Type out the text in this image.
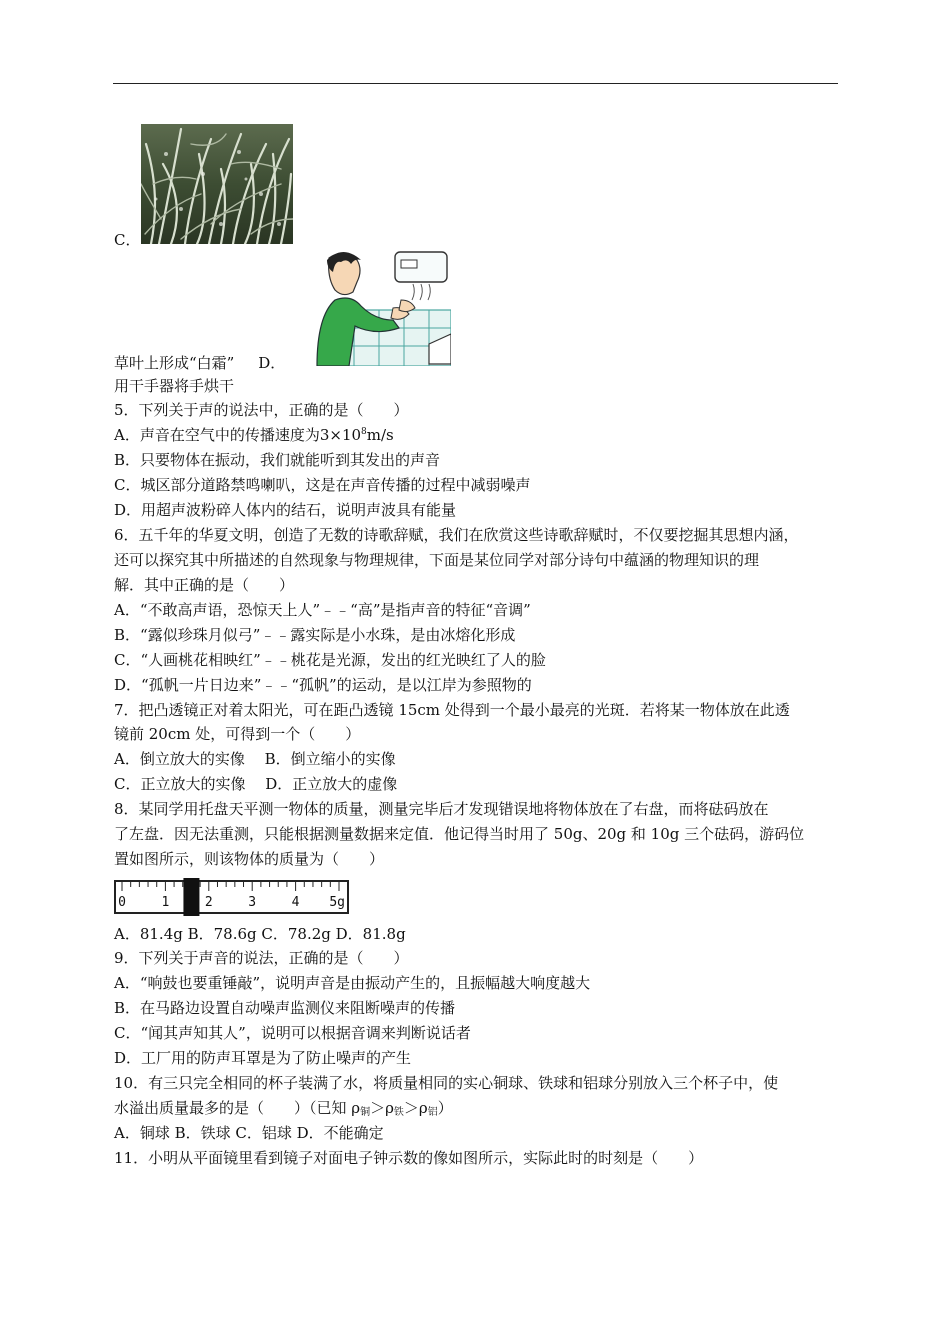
C．
草叶上形成“白霜” D．
用干手器将手烘干
5．下列关于声的说法中，正确的是（　　）
A．声音在空气中的传播速度为$3\times 10^8m/s$
B．只要物体在振动，我们就能听到其发出的声音
C．城区部分道路禁鸣喇叭，这是在声音传播的过程中减弱噪声
D．用超声波粉碎人体内的结石，说明声波具有能量
6．五千年的华夏文明，创造了无数的诗歌辞赋，我们在欣赏这些诗歌辞赋时，不仅要挖掘其思想内涵，
还可以探究其中所描述的自然现象与物理规律，下面是某位同学对部分诗句中蕴涵的物理知识的理
解．其中正确的是（　　）
A．“不敢高声语，恐惊天上人”﹣﹣“高”是指声音的特征“音调”
B．“露似珍珠月似弓”﹣﹣露实际是小水珠，是由冰熔化形成
C．“人画桃花相映红”﹣﹣桃花是光源，发出的红光映红了人的脸
D．“孤帆一片日边来”﹣﹣“孤帆”的运动，是以江岸为参照物的
7．把凸透镜正对着太阳光，可在距凸透镜 15cm 处得到一个最小最亮的光斑．若将某一物体放在此透
镜前 20cm 处，可得到一个（　　）
A．倒立放大的实像　 B．倒立缩小的实像
C．正立放大的实像　 D．正立放大的虚像
8．某同学用托盘天平测一物体的质量，测量完毕后才发现错误地将物体放在了右盘，而将砝码放在
了左盘．因无法重测，只能根据测量数据来定值．他记得当时用了 50g、20g 和 10g 三个砝码，游码位
置如图所示，则该物体的质量为（　　）
0	1	2	3	4 5g
A．81.4g B．78.6g C．78.2g D．81.8g
9．下列关于声音的说法，正确的是（　　）
A．“响鼓也要重锤敲”，说明声音是由振动产生的，且振幅越大响度越大
B．在马路边设置自动噪声监测仪来阻断噪声的传播
C．“闻其声知其人”，说明可以根据音调来判断说话者
D．工厂用的防声耳罩是为了防止噪声的产生
10．有三只完全相同的杯子装满了水，将质量相同的实心铜球、铁球和铝球分别放入三个杯子中，使
水溢出质量最多的是（　　）（已知 $\rho_铜>\rho_铁>\rho_铝$）
A．铜球 B．铁球 C．铝球 D．不能确定
11．小明从平面镜里看到镜子对面电子钟示数的像如图所示，实际此时的时刻是（　　）
